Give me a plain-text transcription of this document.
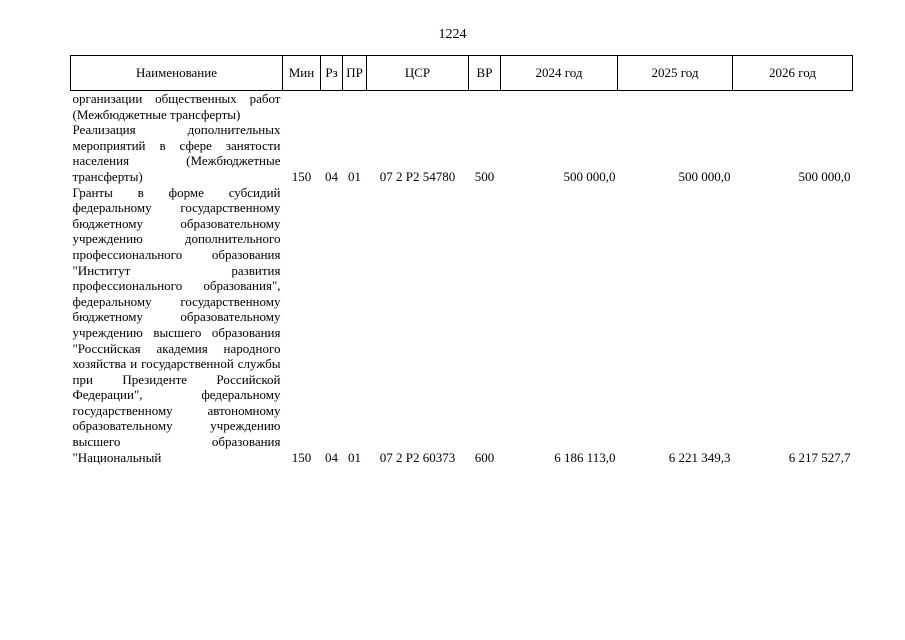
1224
Наименование	Мин	Рз	ПР	ЦСР	ВР	2024 год	2025 год	2026 год
организации общественных работ (Межбюджетные трансферты)								
Реализация дополнительных мероприятий в сфере занятости населения (Межбюджетные трансферты)	150	04	01	07 2 Р2 54780	500	500 000,0	500 000,0	500 000,0
Гранты в форме субсидий федеральному государственному бюджетному образовательному учреждению дополнительного профессионального образования "Институт развития профессионального образования", федеральному государственному бюджетному образовательному учреждению высшего образования "Российская академия народного хозяйства и государственной службы при Президенте Российской Федерации", федеральному государственному автономному образовательному учреждению высшего образования "Национальный	150	04	01	07 2 Р2 60373	600	6 186 113,0	6 221 349,3	6 217 527,7
